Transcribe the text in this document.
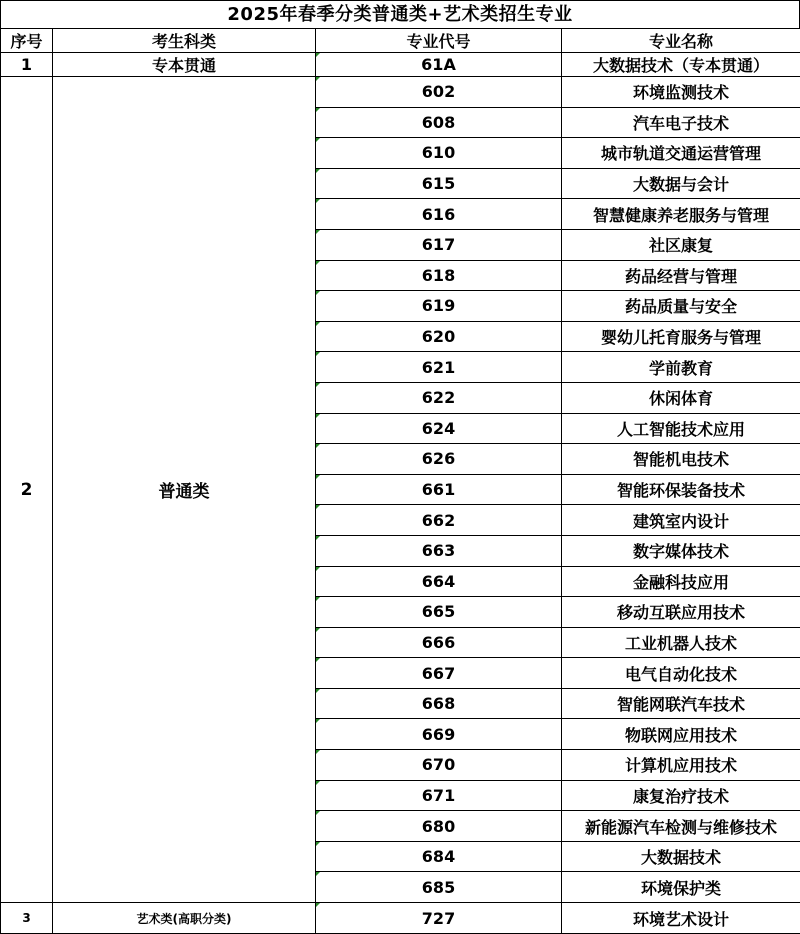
2025年春季分类普通类+艺术类招生专业
序号	考生科类	专业代号	专业名称
1	专本贯通	61A	大数据技术（专本贯通）
2	普通类	602	环境监测技术
		608	汽车电子技术
		610	城市轨道交通运营管理
		615	大数据与会计
		616	智慧健康养老服务与管理
		617	社区康复
		618	药品经营与管理
		619	药品质量与安全
		620	婴幼儿托育服务与管理
		621	学前教育
		622	休闲体育
		624	人工智能技术应用
		626	智能机电技术
		661	智能环保装备技术
		662	建筑室内设计
		663	数字媒体技术
		664	金融科技应用
		665	移动互联应用技术
		666	工业机器人技术
		667	电气自动化技术
		668	智能网联汽车技术
		669	物联网应用技术
		670	计算机应用技术
		671	康复治疗技术
		680	新能源汽车检测与维修技术
		684	大数据技术
		685	环境保护类
3	艺术类(高职分类)	727	环境艺术设计
